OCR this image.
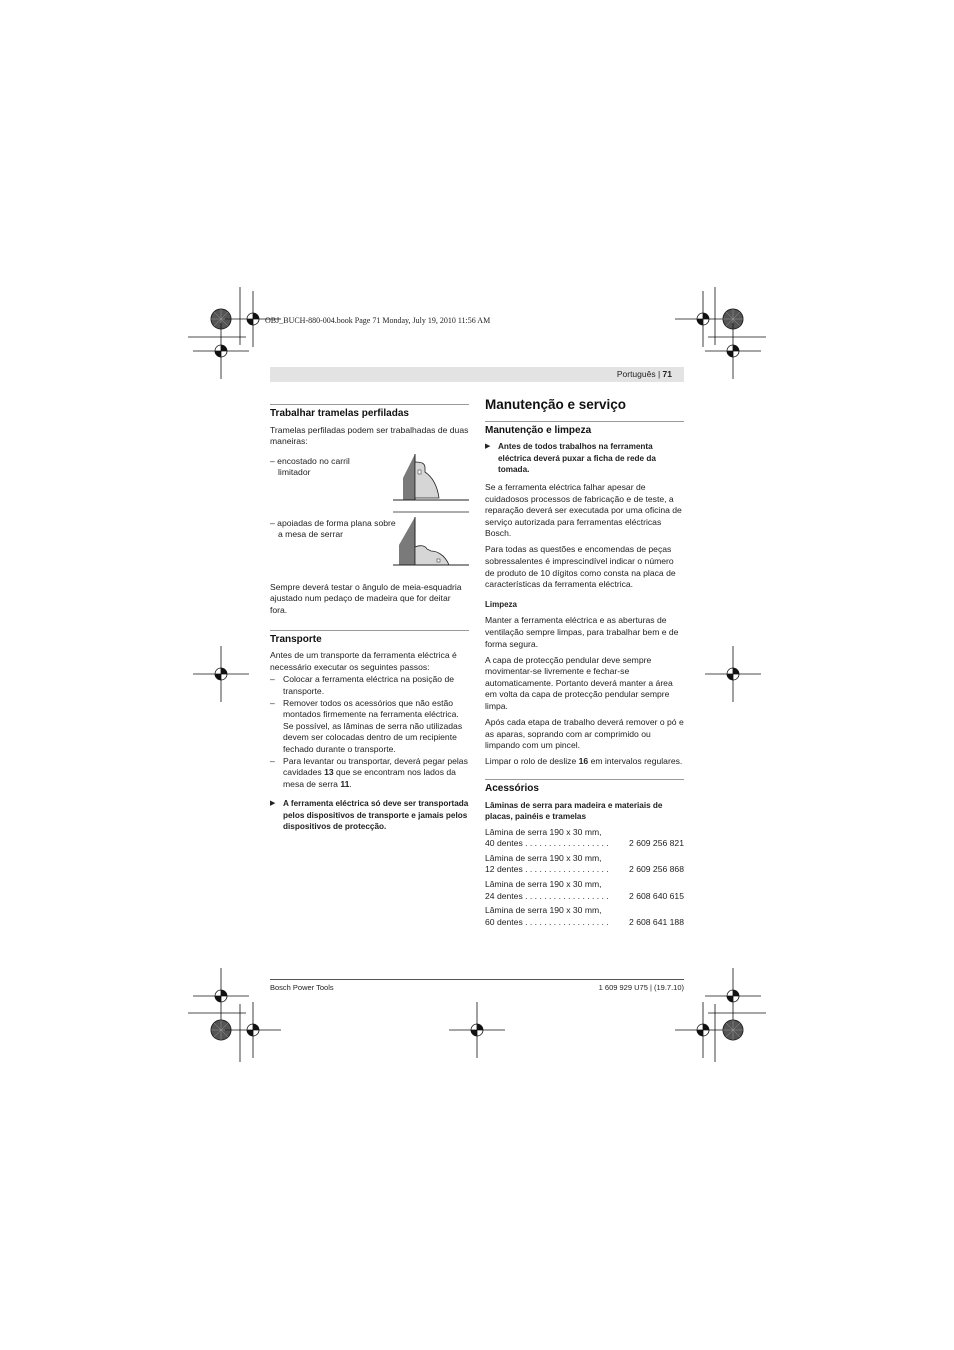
OBJ_BUCH-880-004.book Page 71 Monday, July 19, 2010 11:56 AM
Português | 71
Trabalhar tramelas perfiladas

Tramelas perfiladas podem ser trabalhadas de duas maneiras:

– encostado no carril limitador
– apoiadas de forma plana sobre a mesa de serrar

Sempre deverá testar o ângulo de meia-esquadria ajustado num pedaço de madeira que for deitar fora.

Transporte

Antes de um transporte da ferramenta eléctrica é necessário executar os seguintes passos:

– Colocar a ferramenta eléctrica na posição de transporte.
– Remover todos os acessórios que não estão montados firmemente na ferramenta eléctrica.
Se possível, as lâminas de serra não utilizadas devem ser colocadas dentro de um recipiente fechado durante o transporte.
– Para levantar ou transportar, deverá pegar pelas cavidades 13 que se encontram nos lados da mesa de serra 11.
▶ A ferramenta eléctrica só deve ser transportada pelos dispositivos de transporte e jamais pelos dispositivos de protecção.
Manutenção e serviço
Manutenção e limpeza
▶ Antes de todos trabalhos na ferramenta eléctrica deverá puxar a ficha de rede da tomada.

Se a ferramenta eléctrica falhar apesar de cuidadosos processos de fabricação e de teste, a reparação deverá ser executada por uma oficina de serviço autorizada para ferramentas eléctricas Bosch.

Para todas as questões e encomendas de peças sobressalentes é imprescindível indicar o número de produto de 10 dígitos como consta na placa de características da ferramenta eléctrica.

Limpeza

Manter a ferramenta eléctrica e as aberturas de ventilação sempre limpas, para trabalhar bem e de forma segura.

A capa de protecção pendular deve sempre movimentar-se livremente e fechar-se automaticamente. Portanto deverá manter a área em volta da capa de protecção pendular sempre limpa.

Após cada etapa de trabalho deverá remover o pó e as aparas, soprando com ar comprimido ou limpando com um pincel.

Limpar o rolo de deslize 16 em intervalos regulares.

Acessórios
Lâminas de serra para madeira e materiais de placas, painéis e tramelas
Lâmina de serra 190 x 30 mm,
40 dentes . . . . . . . . . . . . . . . . . . 2 609 256 821
Lâmina de serra 190 x 30 mm,
12 dentes . . . . . . . . . . . . . . . . . . 2 609 256 868
Lâmina de serra 190 x 30 mm,
24 dentes . . . . . . . . . . . . . . . . . . 2 608 640 615
Lâmina de serra 190 x 30 mm,
60 dentes . . . . . . . . . . . . . . . . . . 2 608 641 188
Bosch Power Tools	1 609 929 U75 | (19.7.10)
